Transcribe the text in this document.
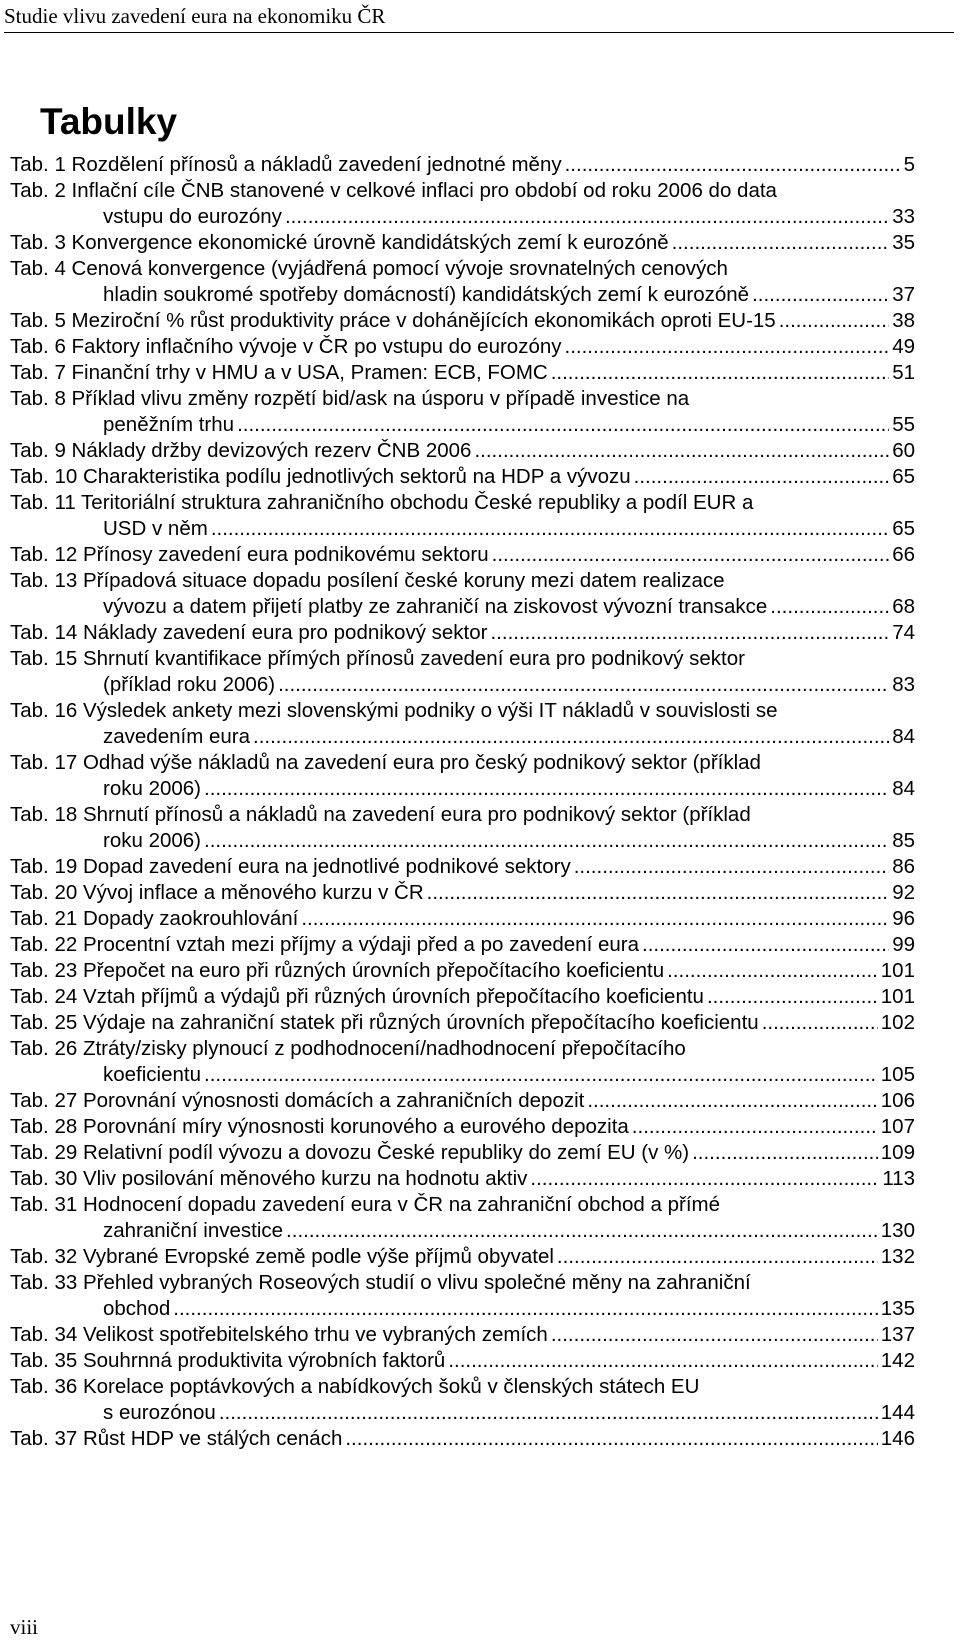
Studie vlivu zavedení eura na ekonomiku ČR
Tabulky
Tab. 1 Rozdělení přínosů a nákladů zavedení jednotné měny .....	5
Tab. 2 Inflační cíle ČNB stanovené v celkové inflaci pro období od roku 2006 do data
vstupu do eurozóny .....	33
Tab. 3 Konvergence ekonomické úrovně kandidátských zemí k eurozóně .....	35
Tab. 4 Cenová konvergence (vyjádřená pomocí vývoje srovnatelných cenových
hladin soukromé spotřeby domácností) kandidátských zemí k eurozóně .....	37
Tab. 5 Meziroční % růst produktivity práce v dohánějících ekonomikách oproti EU-15 .....	38
Tab. 6 Faktory inflačního vývoje v ČR po vstupu do eurozóny .....	49
Tab. 7 Finanční trhy v HMU a v USA, Pramen: ECB, FOMC .....	51
Tab. 8 Příklad vlivu změny rozpětí bid/ask na úsporu v případě investice na
peněžním trhu .....	55
Tab. 9 Náklady držby devizových rezerv ČNB 2006 .....	60
Tab. 10 Charakteristika podílu jednotlivých sektorů na HDP a vývozu .....	65
Tab. 11 Teritoriální struktura zahraničního obchodu České republiky a podíl EUR a
USD v něm .....	65
Tab. 12 Přínosy zavedení eura podnikovému sektoru .....	66
Tab. 13 Případová situace dopadu posílení české koruny mezi datem realizace
vývozu a datem přijetí platby ze zahraničí na ziskovost vývozní transakce .....	68
Tab. 14 Náklady zavedení eura pro podnikový sektor .....	74
Tab. 15 Shrnutí kvantifikace přímých přínosů zavedení eura pro podnikový sektor
(příklad roku 2006) .....	83
Tab. 16 Výsledek ankety mezi slovenskými podniky o výši IT nákladů v souvislosti se
zavedením eura .....	84
Tab. 17 Odhad výše nákladů na zavedení eura pro český podnikový sektor (příklad
roku 2006) .....	84
Tab. 18 Shrnutí přínosů a nákladů na zavedení eura pro podnikový sektor (příklad
roku 2006) .....	85
Tab. 19 Dopad zavedení eura na jednotlivé podnikové sektory .....	86
Tab. 20 Vývoj inflace a měnového kurzu v ČR .....	92
Tab. 21 Dopady zaokrouhlování .....	96
Tab. 22 Procentní vztah mezi příjmy a výdaji před a po zavedení eura .....	99
Tab. 23 Přepočet na euro při různých úrovních přepočítacího koeficientu .....	101
Tab. 24 Vztah příjmů a výdajů při různých úrovních přepočítacího koeficientu .....	101
Tab. 25 Výdaje na zahraniční statek při různých úrovních přepočítacího koeficientu .....	102
Tab. 26 Ztráty/zisky plynoucí z podhodnocení/nadhodnocení přepočítacího
koeficientu .....	105
Tab. 27 Porovnání výnosnosti domácích a zahraničních depozit .....	106
Tab. 28 Porovnání míry výnosnosti korunového a eurového depozita .....	107
Tab. 29 Relativní podíl vývozu a dovozu České republiky do zemí EU (v %) .....	109
Tab. 30 Vliv posilování měnového kurzu na hodnotu aktiv .....	113
Tab. 31 Hodnocení dopadu zavedení eura v ČR na zahraniční obchod a přímé
zahraniční investice .....	130
Tab. 32 Vybrané Evropské země podle výše příjmů obyvatel .....	132
Tab. 33 Přehled vybraných Roseových studií o vlivu společné měny na zahraniční
obchod .....	135
Tab. 34 Velikost spotřebitelského trhu ve vybraných zemích .....	137
Tab. 35 Souhrnná produktivita výrobních faktorů .....	142
Tab. 36 Korelace poptávkových a nabídkových šoků v členských státech EU
s eurozónou .....	144
Tab. 37 Růst HDP ve stálých cenách .....	146
viii
